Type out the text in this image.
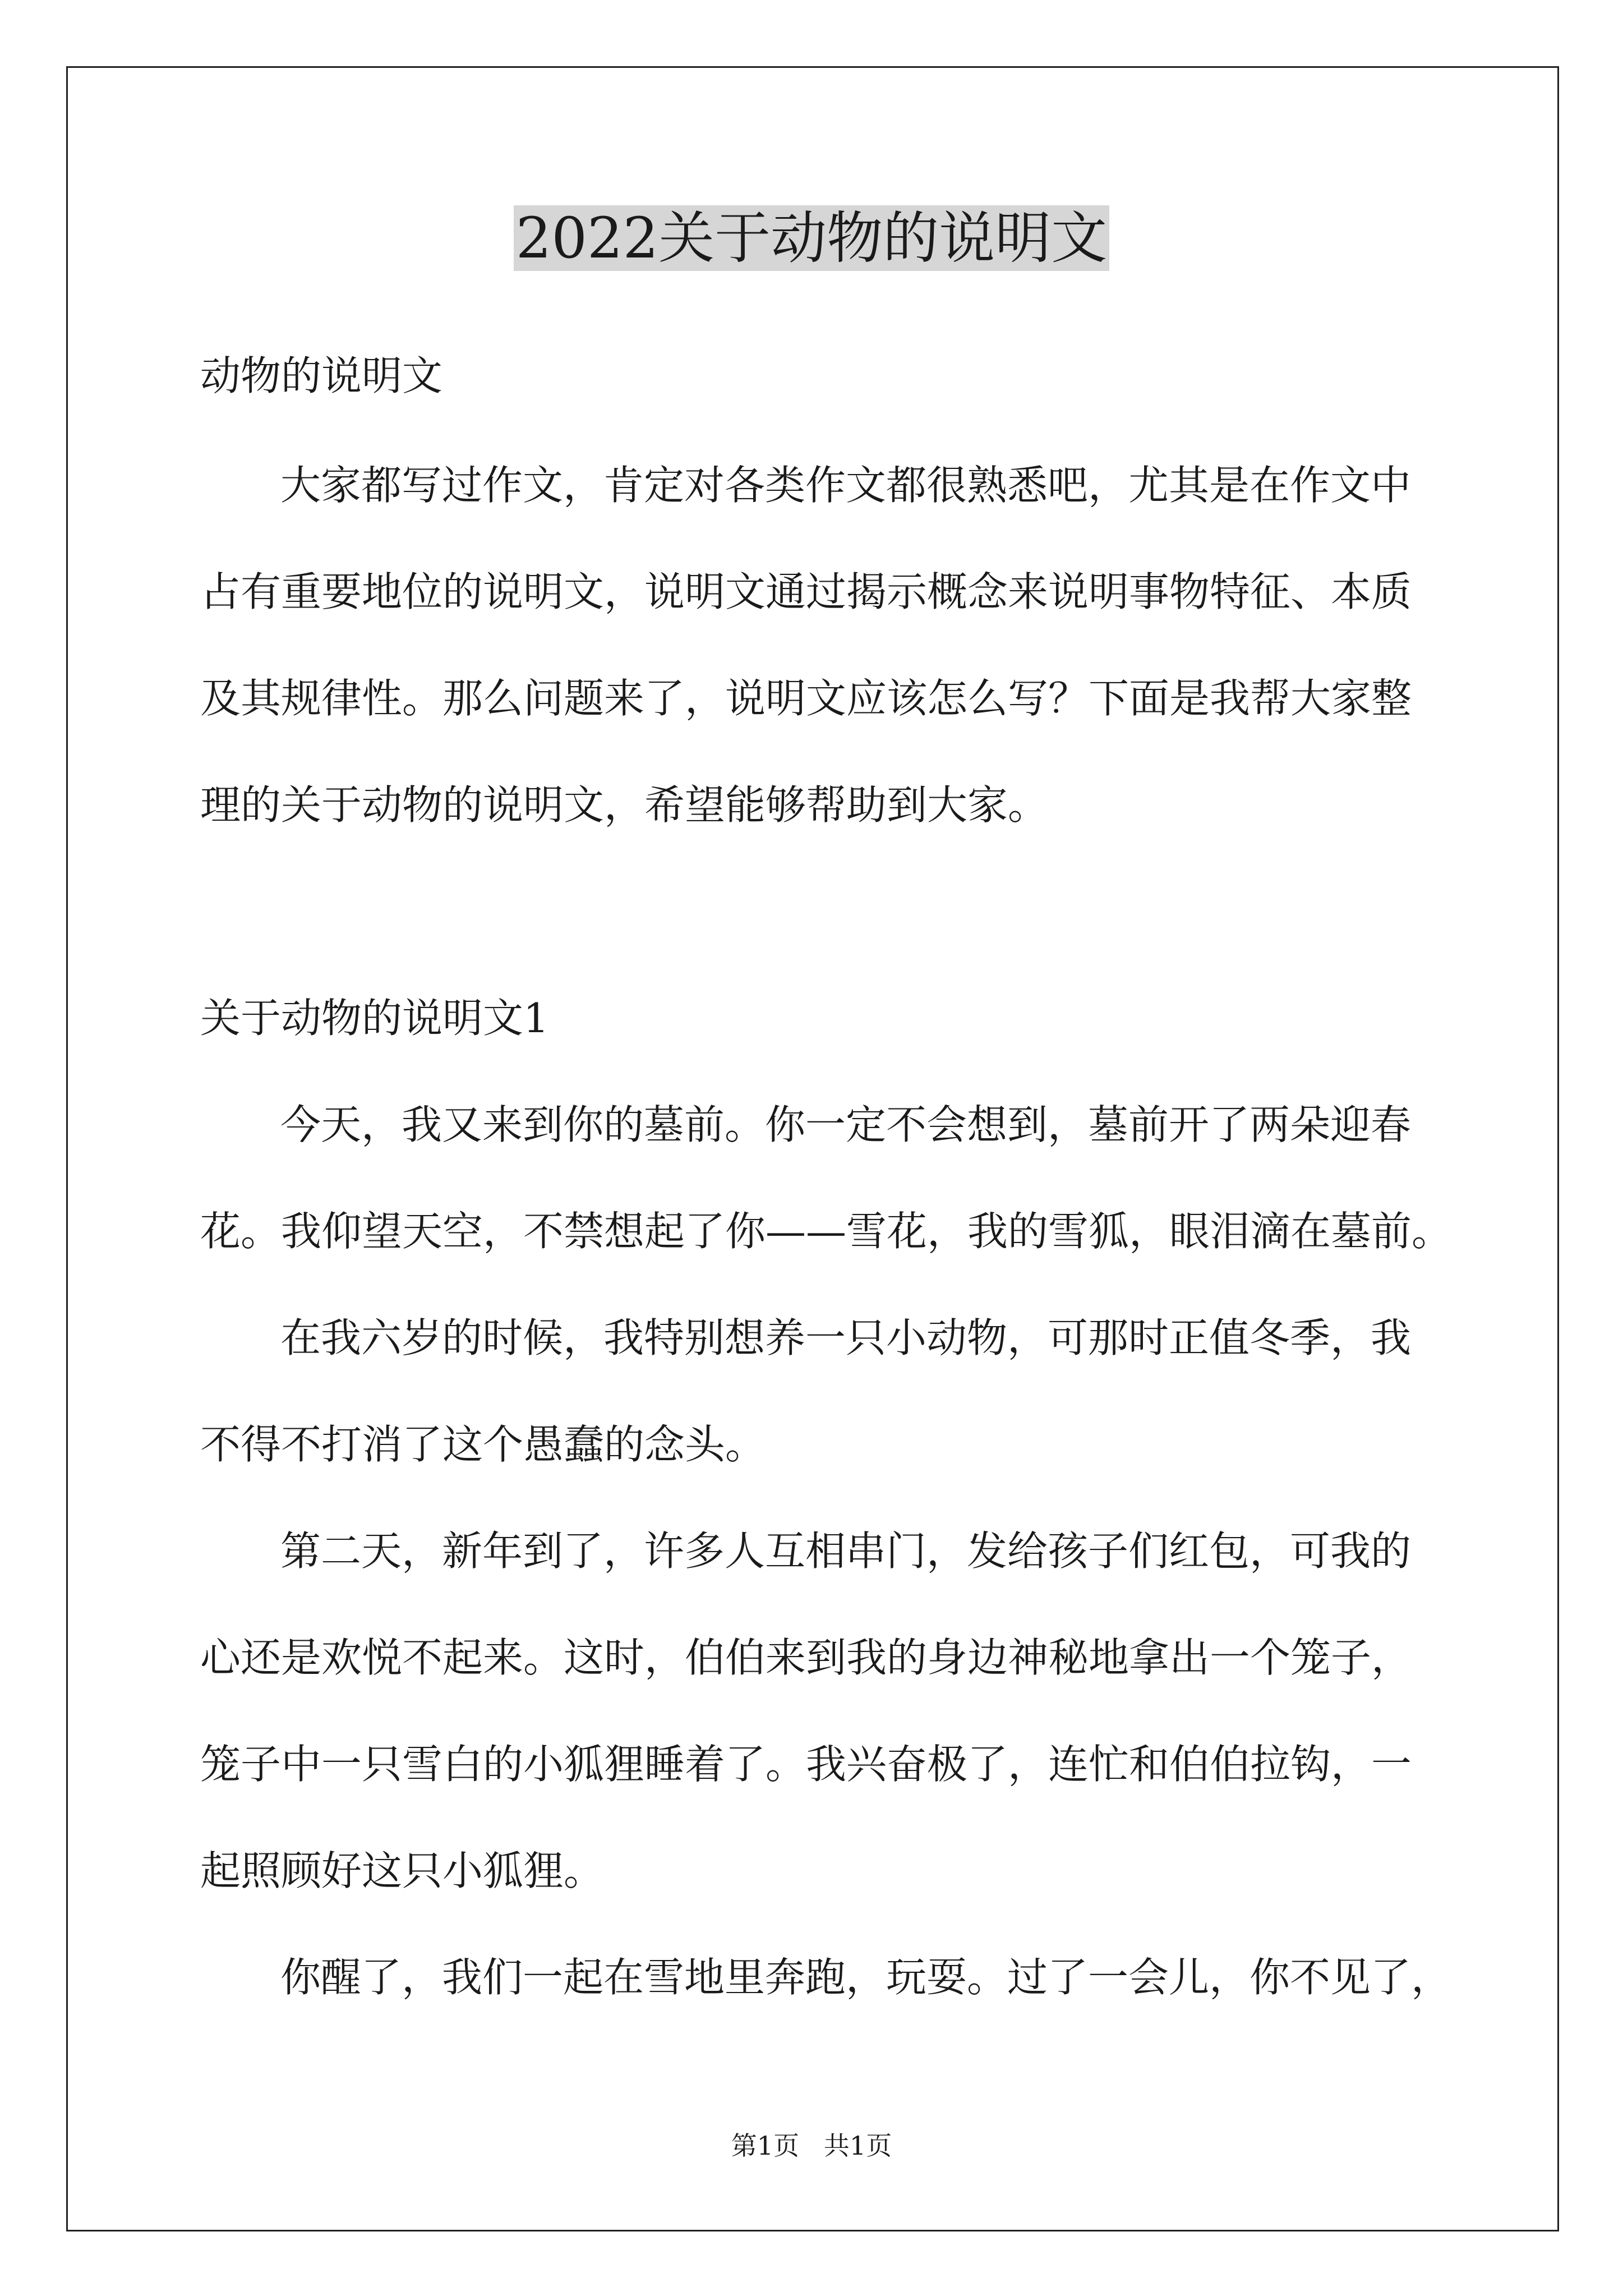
2022关于动物的说明文
动物的说明文
大家都写过作文，肯定对各类作文都很熟悉吧，尤其是在作文中
占有重要地位的说明文，说明文通过揭示概念来说明事物特征、本质
及其规律性。那么问题来了，说明文应该怎么写？下面是我帮大家整
理的关于动物的说明文，希望能够帮助到大家。
关于动物的说明文1
今天，我又来到你的墓前。你一定不会想到，墓前开了两朵迎春
花。我仰望天空，不禁想起了你——雪花，我的雪狐，眼泪滴在墓前。
在我六岁的时候，我特别想养一只小动物，可那时正值冬季，我
不得不打消了这个愚蠢的念头。
第二天，新年到了，许多人互相串门，发给孩子们红包，可我的
心还是欢悦不起来。这时，伯伯来到我的身边神秘地拿出一个笼子，
笼子中一只雪白的小狐狸睡着了。我兴奋极了，连忙和伯伯拉钩，一
起照顾好这只小狐狸。
你醒了，我们一起在雪地里奔跑，玩耍。过了一会儿，你不见了，
第1页   共1页
